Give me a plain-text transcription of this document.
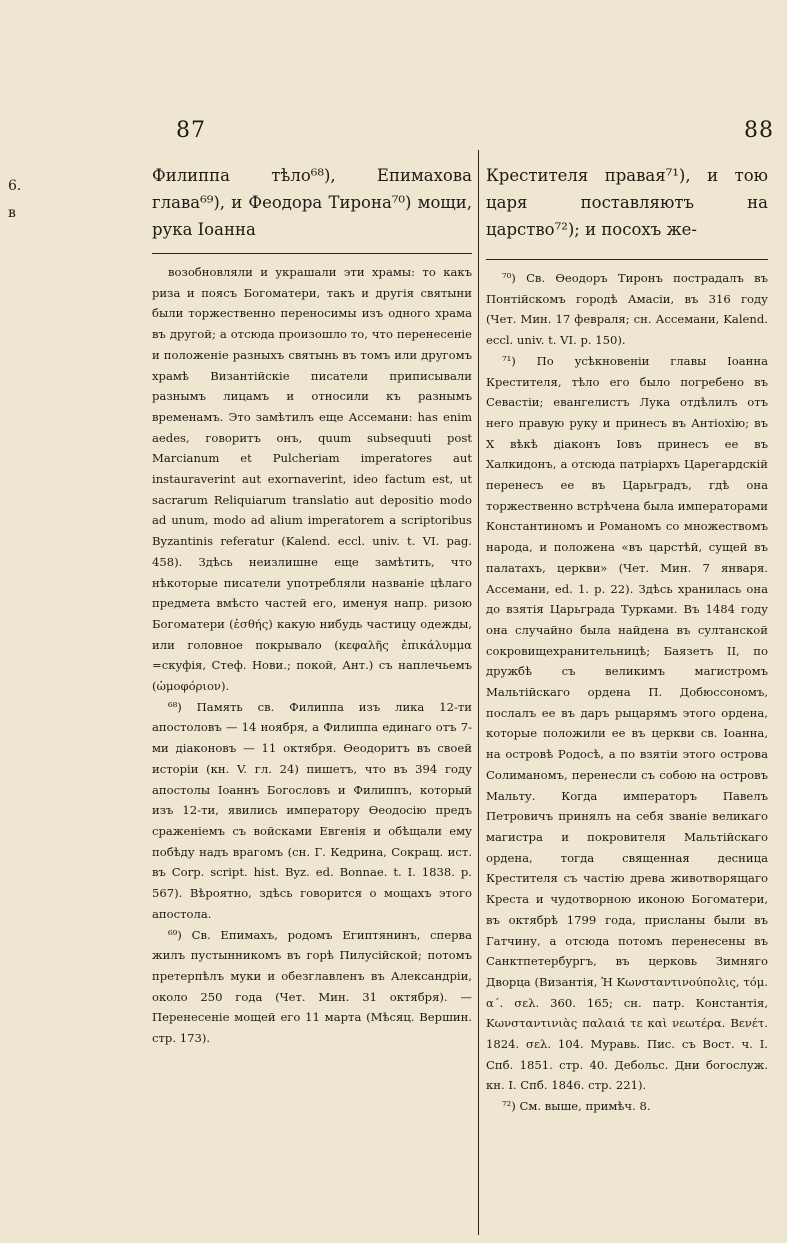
87	88
6. в

Филиппа тѣло⁶⁸), Епимахова глава⁶⁹), и Феодора Тирона⁷⁰) мощи, рука Іоанна

возобновляли и украшали эти храмы: то какъ риза и поясъ Богоматери, такъ и другія святыни были торжественно переносимы изъ одного храма въ другой; а отсюда произошло то, что перенесеніе и положеніе разныхъ святынь въ томъ или другомъ храмѣ Византійскіе писатели приписывали разнымъ лицамъ и относили къ разнымъ временамъ. Это замѣтилъ еще Ассемани: has enim aedes, говоритъ онъ, quum subsequuti post Marcianum et Pulcheriam imperatores aut instauraverint aut exornaverint, ideo factum est, ut sacrarum Reliquiarum translatio aut depositio modo ad unum, modo ad alium imperatorem a scriptoribus Byzantinis referatur (Kalend. eccl. univ. t. VI. pag. 458). Здѣсь неизлишне еще замѣтить, что нѣкоторые писатели употребляли названіе цѣлаго предмета вмѣсто частей его, именуя напр. ризою Богоматери (ἐσθής) какую нибудь частицу одежды, или головное покрывало (κεφαλῆς ἐπικάλυμμα =скуфія, Стеф. Нови.; покой, Ант.) съ наплечьемъ (ὠμοφόριον).

⁶⁸) Память св. Филиппа изъ лика 12-ти апостоловъ — 14 ноября, а Филиппа единаго отъ 7-ми діаконовъ — 11 октября. Ѳеодоритъ въ своей исторіи (кн. V. гл. 24) пишетъ, что въ 394 году апостолы Іоаннъ Богословъ и Филиппъ, который изъ 12-ти, явились императору Ѳеодосію предъ сраженіемъ съ войсками Евгенія и обѣщали ему побѣду надъ врагомъ (сн. Г. Кедрина, Сокращ. ист. въ Corp. script. hist. Byz. ed. Bonnae. t. I. 1838. p. 567). Вѣроятно, здѣсь говорится о мощахъ этого апостола.

⁶⁹) Св. Епимахъ, родомъ Египтянинъ, сперва жилъ пустынникомъ въ горѣ Пилусійской; потомъ претерпѣлъ муки и обезглавленъ въ Александріи, около 250 года (Чет. Мин. 31 октября). — Перенесеніе мощей его 11 марта (Мѣсяц. Вершин. стр. 173).

Крестителя правая⁷¹), и тою царя поставляютъ на царство⁷²); и посохъ же-

⁷⁰) Св. Ѳеодоръ Тиронъ пострадалъ въ Понтійскомъ городѣ Амасіи, въ 316 году (Чет. Мин. 17 февраля; сн. Ассемани, Kalend. eccl. univ. t. VI. p. 150).

⁷¹) По усѣкновеніи главы Іоанна Крестителя, тѣло его было погребено въ Севастіи; евангелистъ Лука отдѣлилъ отъ него правую руку и принесъ въ Антіохію; въ X вѣкѣ діаконъ Іовъ принесъ ее въ Халкидонъ, а отсюда патріархъ Царегардскій перенесъ ее въ Царьградъ, гдѣ она торжественно встрѣчена была императорами Константиномъ и Романомъ со множествомъ народа, и положена «въ царстѣй, сущей въ палатахъ, церкви» (Чет. Мин. 7 января. Ассемани, ed. 1. р. 22). Здѣсь хранилась она до взятія Царьграда Турками. Въ 1484 году она случайно была найдена въ султанской сокровищехранительницѣ; Баязетъ II, по дружбѣ съ великимъ магистромъ Мальтійскаго ордена П. Добюссономъ, послалъ ее въ даръ рыцарямъ этого ордена, которые положили ее въ церкви св. Іоанна, на островѣ Родосѣ, а по взятіи этого острова Солиманомъ, перенесли съ собою на островъ Мальту. Когда императоръ Павелъ Петровичъ принялъ на себя званіе великаго магистра и покровителя Мальтійскаго ордена, тогда священная десница Крестителя съ частію древа животворящаго Креста и чудотворною иконою Богоматери, въ октябрѣ 1799 года, присланы были въ Гатчину, а отсюда потомъ перенесены въ Санктпетербургъ, въ церковь Зимняго Дворца (Византія, Ἡ Κωνσταντινούπολις, τόμ. α΄. σελ. 360. 165; сн. патр. Константія, Κωνσταντινιὰς παλαιά τε καὶ νεωτέρα. Βενέτ. 1824. σελ. 104. Муравь. Пис. съ Вост. ч. I. Спб. 1851. стр. 40. Дебольс. Дни богослуж. кн. I. Спб. 1846. стр. 221).

⁷²) См. выше, примѣч. 8.
